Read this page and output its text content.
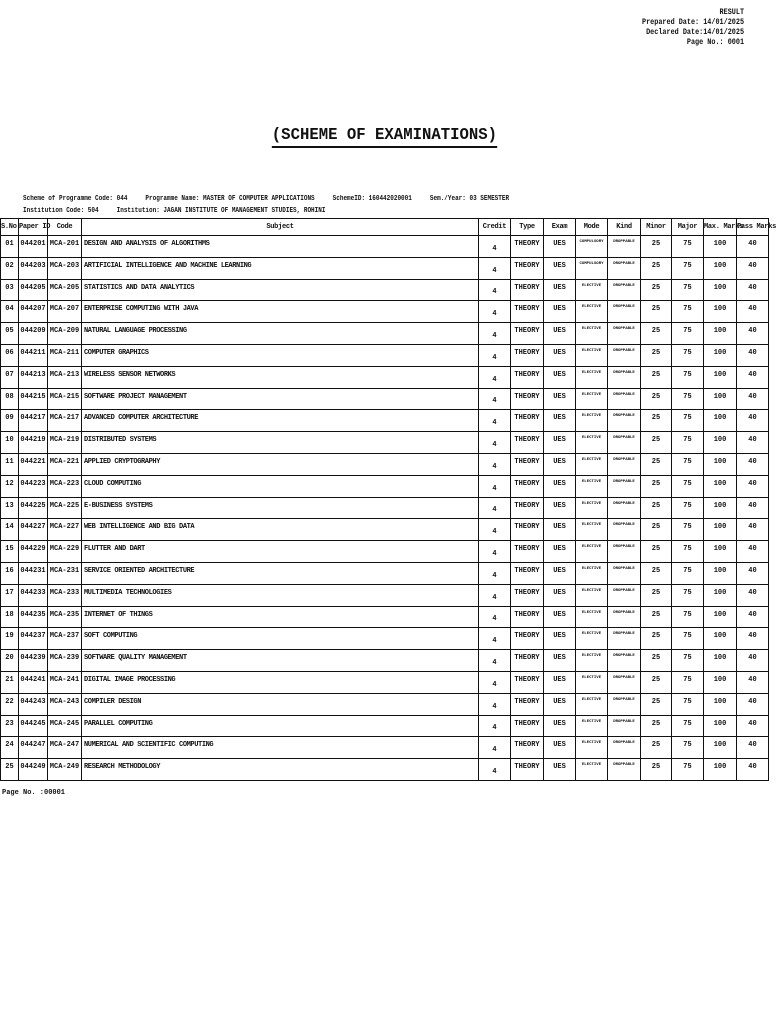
RESULT
Prepared Date: 14/01/2025
Declared Date:14/01/2025
Page No.: 0001
(SCHEME OF EXAMINATIONS)
Scheme of Programme Code: 044     Programme Name: MASTER OF COMPUTER APPLICATIONS     SchemeID: 160442020001     Sem./Year: 03 SEMESTER
Institution Code: 504     Institution: JAGAN INSTITUTE OF MANAGEMENT STUDIES, ROHINI
S.No.	Paper ID	Code	Subject	Credit	Type	Exam	Mode	Kind	Minor	Major	Max. Marks	Pass Marks
01	044201	MCA-201	DESIGN AND ANALYSIS OF ALGORITHMS	4	THEORY	UES	COMPULSORY	DROPPABLE	25	75	100	40
02	044203	MCA-203	ARTIFICIAL INTELLIGENCE AND MACHINE LEARNING	4	THEORY	UES	COMPULSORY	DROPPABLE	25	75	100	40
03	044205	MCA-205	STATISTICS AND DATA ANALYTICS	4	THEORY	UES	ELECTIVE	DROPPABLE	25	75	100	40
04	044207	MCA-207	ENTERPRISE COMPUTING WITH JAVA	4	THEORY	UES	ELECTIVE	DROPPABLE	25	75	100	40
05	044209	MCA-209	NATURAL LANGUAGE PROCESSING	4	THEORY	UES	ELECTIVE	DROPPABLE	25	75	100	40
06	044211	MCA-211	COMPUTER GRAPHICS	4	THEORY	UES	ELECTIVE	DROPPABLE	25	75	100	40
07	044213	MCA-213	WIRELESS SENSOR NETWORKS	4	THEORY	UES	ELECTIVE	DROPPABLE	25	75	100	40
08	044215	MCA-215	SOFTWARE PROJECT MANAGEMENT	4	THEORY	UES	ELECTIVE	DROPPABLE	25	75	100	40
09	044217	MCA-217	ADVANCED COMPUTER ARCHITECTURE	4	THEORY	UES	ELECTIVE	DROPPABLE	25	75	100	40
10	044219	MCA-219	DISTRIBUTED SYSTEMS	4	THEORY	UES	ELECTIVE	DROPPABLE	25	75	100	40
11	044221	MCA-221	APPLIED CRYPTOGRAPHY	4	THEORY	UES	ELECTIVE	DROPPABLE	25	75	100	40
12	044223	MCA-223	CLOUD COMPUTING	4	THEORY	UES	ELECTIVE	DROPPABLE	25	75	100	40
13	044225	MCA-225	E-BUSINESS SYSTEMS	4	THEORY	UES	ELECTIVE	DROPPABLE	25	75	100	40
14	044227	MCA-227	WEB INTELLIGENCE AND BIG DATA	4	THEORY	UES	ELECTIVE	DROPPABLE	25	75	100	40
15	044229	MCA-229	FLUTTER AND DART	4	THEORY	UES	ELECTIVE	DROPPABLE	25	75	100	40
16	044231	MCA-231	SERVICE ORIENTED ARCHITECTURE	4	THEORY	UES	ELECTIVE	DROPPABLE	25	75	100	40
17	044233	MCA-233	MULTIMEDIA TECHNOLOGIES	4	THEORY	UES	ELECTIVE	DROPPABLE	25	75	100	40
18	044235	MCA-235	INTERNET OF THINGS	4	THEORY	UES	ELECTIVE	DROPPABLE	25	75	100	40
19	044237	MCA-237	SOFT COMPUTING	4	THEORY	UES	ELECTIVE	DROPPABLE	25	75	100	40
20	044239	MCA-239	SOFTWARE QUALITY MANAGEMENT	4	THEORY	UES	ELECTIVE	DROPPABLE	25	75	100	40
21	044241	MCA-241	DIGITAL IMAGE PROCESSING	4	THEORY	UES	ELECTIVE	DROPPABLE	25	75	100	40
22	044243	MCA-243	COMPILER DESIGN	4	THEORY	UES	ELECTIVE	DROPPABLE	25	75	100	40
23	044245	MCA-245	PARALLEL COMPUTING	4	THEORY	UES	ELECTIVE	DROPPABLE	25	75	100	40
24	044247	MCA-247	NUMERICAL AND SCIENTIFIC COMPUTING	4	THEORY	UES	ELECTIVE	DROPPABLE	25	75	100	40
25	044249	MCA-249	RESEARCH METHODOLOGY	4	THEORY	UES	ELECTIVE	DROPPABLE	25	75	100	40
Page No. :00001
